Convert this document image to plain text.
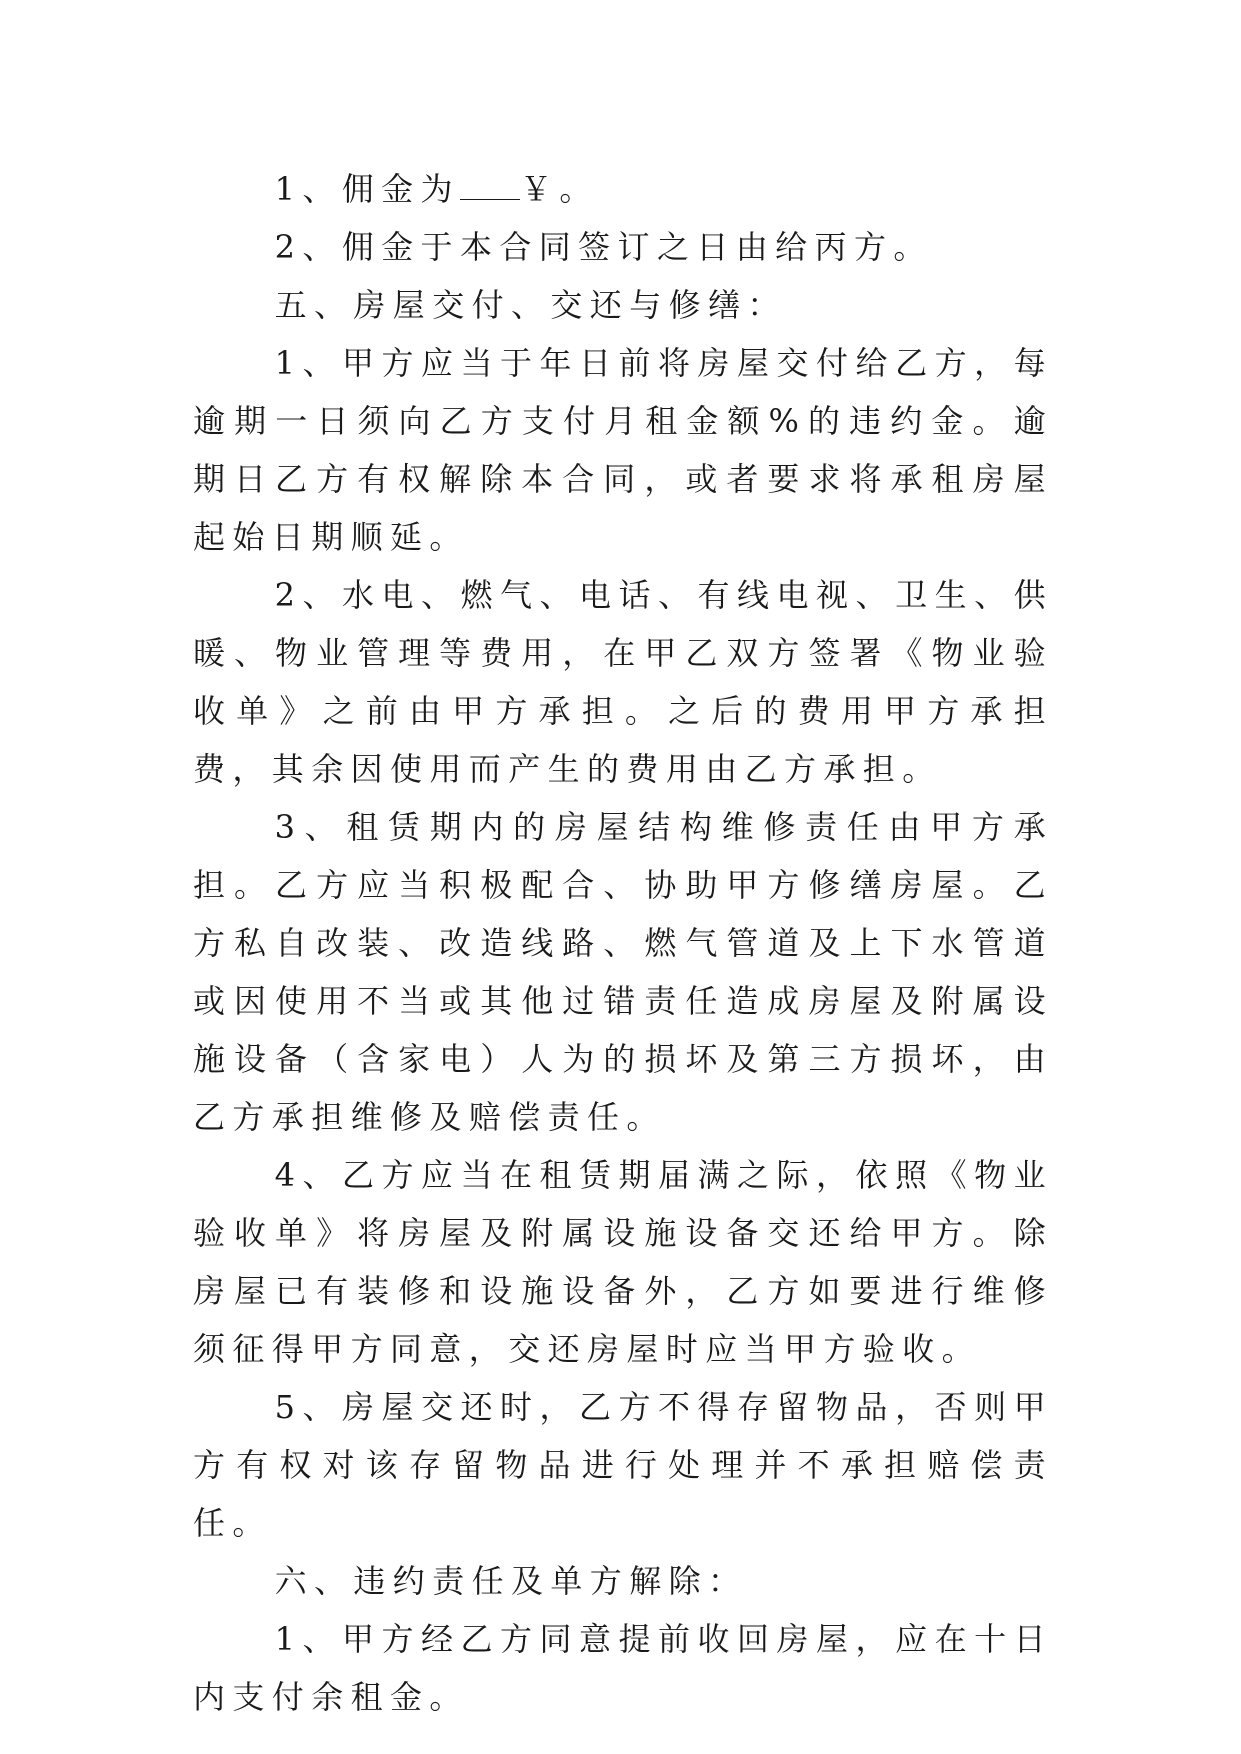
1、佣金为 ￥。

2、佣金于本合同签订之日由给丙方。

五、房屋交付、交还与修缮：

1、甲方应当于年日前将房屋交付给乙方，每逾期一日须向乙方支付月租金额%的违约金。逾期日乙方有权解除本合同，或者要求将承租房屋起始日期顺延。

2、水电、燃气、电话、有线电视、卫生、供暖、物业管理等费用，在甲乙双方签署《物业验收单》之前由甲方承担。之后的费用甲方承担费，其余因使用而产生的费用由乙方承担。

3、租赁期内的房屋结构维修责任由甲方承担。乙方应当积极配合、协助甲方修缮房屋。乙方私自改装、改造线路、燃气管道及上下水管道或因使用不当或其他过错责任造成房屋及附属设施设备（含家电）人为的损坏及第三方损坏，由乙方承担维修及赔偿责任。

4、乙方应当在租赁期届满之际，依照《物业验收单》将房屋及附属设施设备交还给甲方。除房屋已有装修和设施设备外，乙方如要进行维修须征得甲方同意，交还房屋时应当甲方验收。

5、房屋交还时，乙方不得存留物品，否则甲方有权对该存留物品进行处理并不承担赔偿责任。

六、违约责任及单方解除：

1、甲方经乙方同意提前收回房屋，应在十日内支付余租金。
